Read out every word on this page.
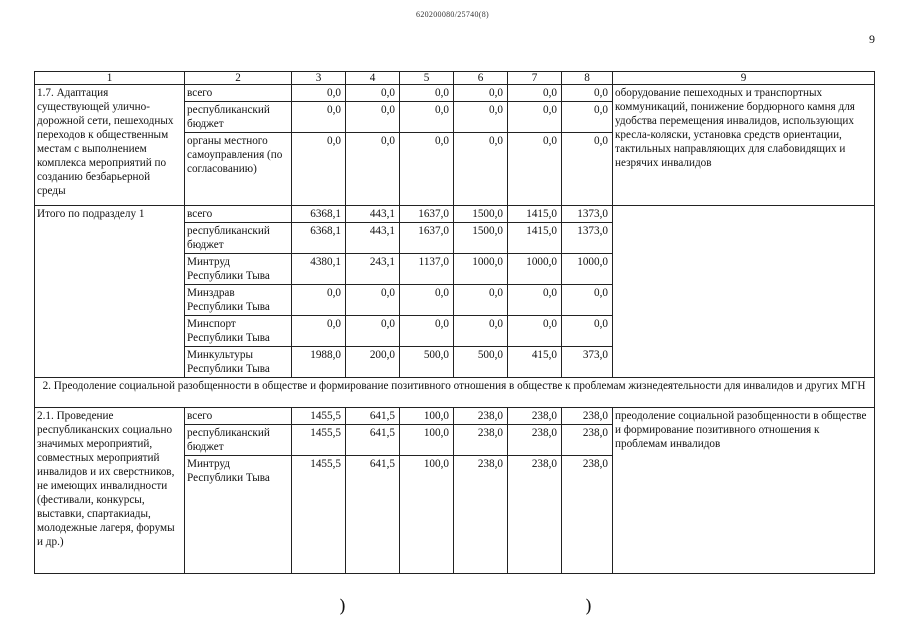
620200080/25740(8)
9
1	2	3	4	5	6	7	8	9
1.7. Адаптация существующей улично-дорожной сети, пешеходных переходов к общественным местам с выполнением комплекса мероприятий по созданию безбарьерной среды	всего	0,0	0,0	0,0	0,0	0,0	0,0	оборудование пешеходных и транспортных коммуникаций, понижение бордюрного камня для удобства перемещения инвалидов, использующих кресла-коляски, установка средств ориентации, тактильных направляющих для слабовидящих и незрячих инвалидов
	республиканский бюджет	0,0	0,0	0,0	0,0	0,0	0,0	
	органы местного самоуправления (по согласованию)	0,0	0,0	0,0	0,0	0,0	0,0	
Итого по подразделу 1	всего	6368,1	443,1	1637,0	1500,0	1415,0	1373,0	
	республиканский бюджет	6368,1	443,1	1637,0	1500,0	1415,0	1373,0	
	Минтруд Республики Тыва	4380,1	243,1	1137,0	1000,0	1000,0	1000,0	
	Минздрав Республики Тыва	0,0	0,0	0,0	0,0	0,0	0,0	
	Минспорт Республики Тыва	0,0	0,0	0,0	0,0	0,0	0,0	
	Минкультуры Республики Тыва	1988,0	200,0	500,0	500,0	415,0	373,0	
2. Преодоление социальной разобщенности в обществе и формирование позитивного отношения в обществе к проблемам жизнедеятельности для инвалидов и других МГН								
2.1. Проведение республиканских социально значимых мероприятий, совместных мероприятий инвалидов и их сверстников, не имеющих инвалидности (фестивали, конкурсы, выставки, спартакиады, молодежные лагеря, форумы и др.)	всего	1455,5	641,5	100,0	238,0	238,0	238,0	преодоление социальной разобщенности в обществе и формирование позитивного отношения к проблемам инвалидов
	республиканский бюджет	1455,5	641,5	100,0	238,0	238,0	238,0	
	Минтруд Республики Тыва	1455,5	641,5	100,0	238,0	238,0	238,0	
)	)
